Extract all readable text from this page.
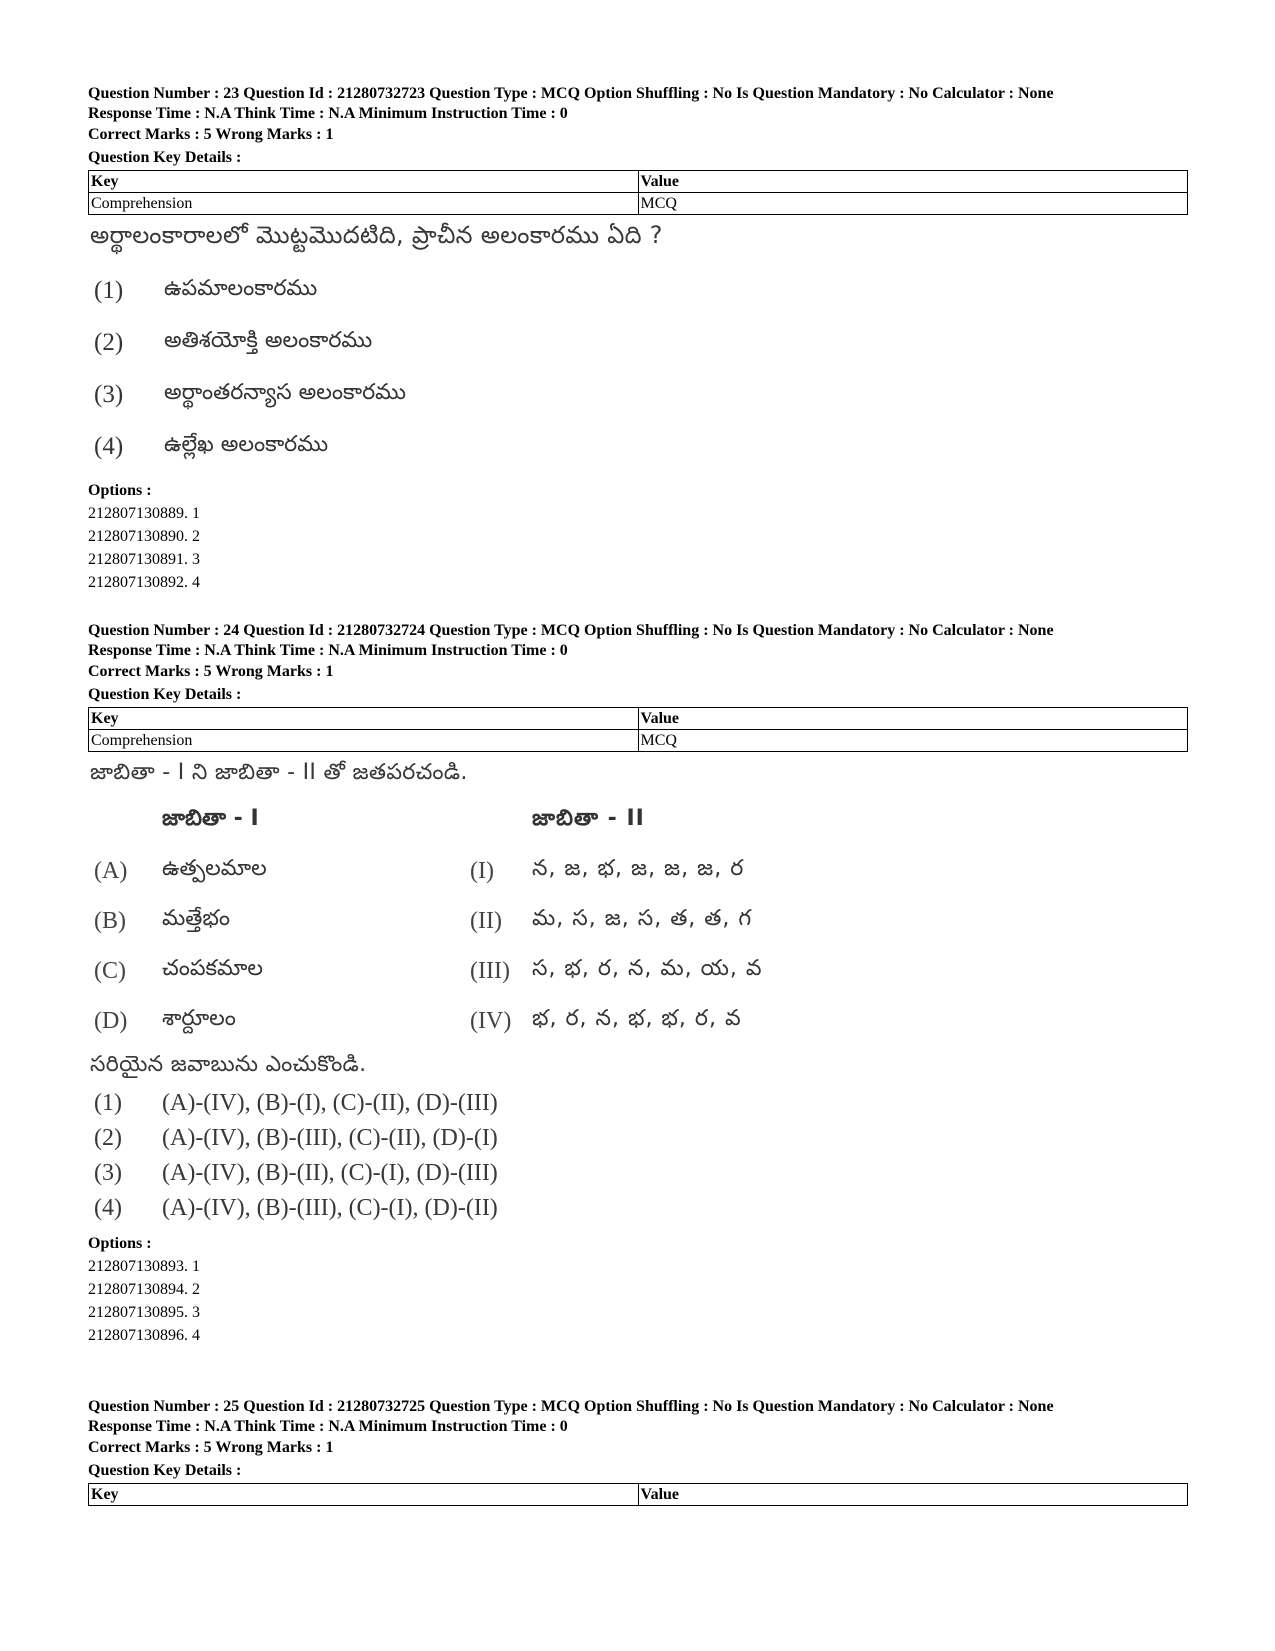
Question Number : 23 Question Id : 21280732723 Question Type : MCQ Option Shuffling : No Is Question Mandatory : No Calculator : None

Response Time : N.A Think Time : N.A Minimum Instruction Time : 0

Correct Marks : 5 Wrong Marks : 1

Question Key Details :

Key	Value
Comprehension	MCQ
అర్థాలంకారాలలో మొట్టమొదటిది, ప్రాచీన అలంకారము ఏది ?
(1)	ఉపమాలంకారము
(2)	అతిశయోక్తి అలంకారము
(3)	అర్థాంతరన్యాస అలంకారము
(4)	ఉల్లేఖ అలంకారము
Options :
212807130889. 1
212807130890. 2
212807130891. 3
212807130892. 4

Question Number : 24 Question Id : 21280732724 Question Type : MCQ Option Shuffling : No Is Question Mandatory : No Calculator : None

Response Time : N.A Think Time : N.A Minimum Instruction Time : 0

Correct Marks : 5 Wrong Marks : 1

Question Key Details :

Key	Value
Comprehension	MCQ
జాబితా - I ని జాబితా - II తో జతపరచండి.
జాబితా - I	జాబితా - II
(A)	ఉత్పలమాల	(I)	న, జ, భ, జ, జ, జ, ర
(B)	మత్తేభం	(II)	మ, స, జ, స, త, త, గ
(C)	చంపకమాల	(III)	స, భ, ర, న, మ, య, వ
(D)	శార్దూలం	(IV) భ, ర, న, భ, భ, ర, వ
సరియైన జవాబును ఎంచుకొండి.
(1)	(A)-(IV), (B)-(I), (C)-(II), (D)-(III)
(2)	(A)-(IV), (B)-(III), (C)-(II), (D)-(I)
(3)	(A)-(IV), (B)-(II), (C)-(I), (D)-(III)
(4)	(A)-(IV), (B)-(III), (C)-(I), (D)-(II)
Options :
212807130893. 1
212807130894. 2
212807130895. 3
212807130896. 4

Question Number : 25 Question Id : 21280732725 Question Type : MCQ Option Shuffling : No Is Question Mandatory : No Calculator : None

Response Time : N.A Think Time : N.A Minimum Instruction Time : 0

Correct Marks : 5 Wrong Marks : 1

Question Key Details :

Key	Value
